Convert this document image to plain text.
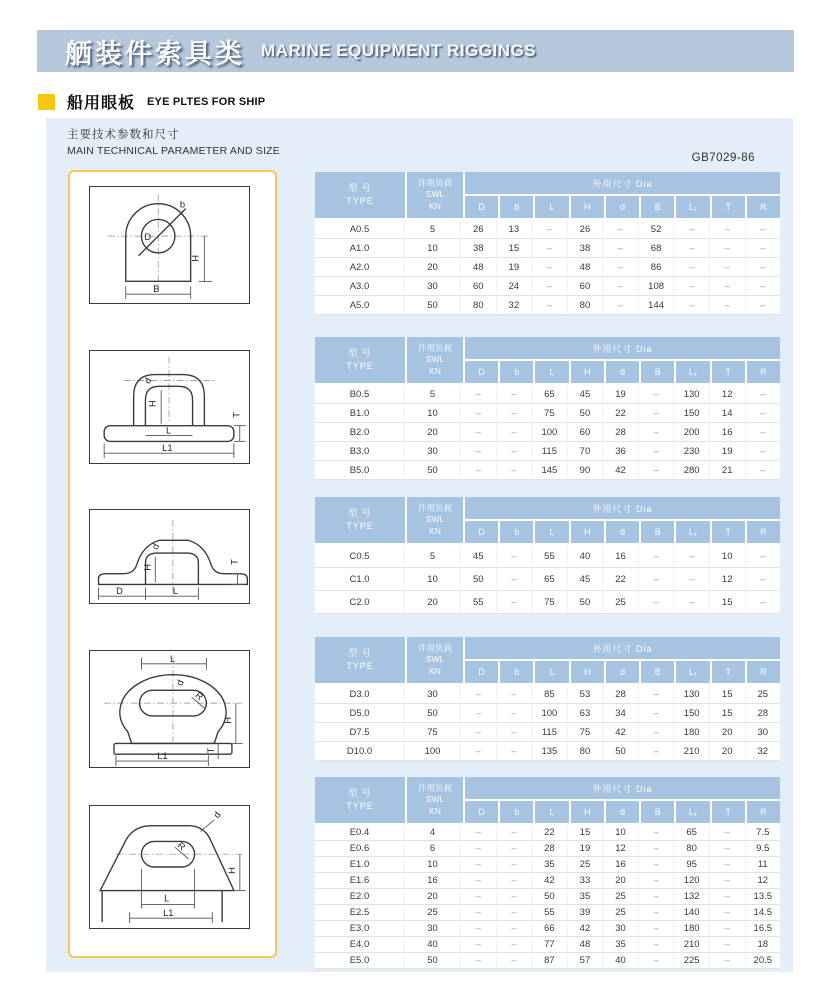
舾装件索具类 MARINE EQUIPMENT RIGGINGS
船用眼板 EYE PLTES FOR SHIP
主要技术参数和尺寸
MAIN TECHNICAL PARAMETER AND SIZE
GB7029-86
D
b
H
B
d
H
L
L1
T
d
H
D	L
T
L
d
R
H
L1
T
d
R
H
L
L1
型 号
TYPE
许用负荷
SWL
KN
外用尺寸 Dia
D	b	L	H	d	B	L₁	T	R
A0.5	5	26	13	–	26	–	52	–	–	–
A1.0	10	38	15	–	38	–	68	–	–	–
A2.0	20	48	19	–	48	–	86	–	–	–
A3.0	30	60	24	–	60	–	108	–	–	–
A5.0	50	80	32	–	80	–	144	–	–	–
型 号
TYPE
许用负荷
SWL
KN
外用尺寸 Dia
D	b	L	H	d	B	L₁	T	R
B0.5	5	–	–	65	45	19	–	130	12	–
B1.0	10	–	–	75	50	22	–	150	14	–
B2.0	20	–	–	100	60	28	–	200	16	–
B3.0	30	–	–	115	70	36	–	230	19	–
B5.0	50	–	–	145	90	42	–	280	21	–
型 号
TYPE
许用负荷
SWL
KN
外用尺寸 Dia
D	b	L	H	d	B	L₁	T	R
C0.5	5	45	–	55	40	16	–	–	10	–
C1.0	10	50	–	65	45	22	–	–	12	–
C2.0	20	55	–	75	50	25	–	–	15	–
型 号
TYPE
许用负荷
SWL
KN
外用尺寸 Dia
D	b	L	H	d	B	L₁	T	R
D3.0	30	–	–	85	53	28	–	130	15	25
D5.0	50	–	–	100	63	34	–	150	15	28
D7.5	75	–	–	115	75	42	–	180	20	30
D10.0	100	–	–	135	80	50	–	210	20	32
型 号
TYPE
许用负荷
SWL
KN
外用尺寸 Dia
D	b	L	H	d	B	L₁	T	R
E0.4	4	–	–	22	15	10	–	65	–	7.5
E0.6	6	–	–	28	19	12	–	80	–	9.5
E1.0	10	–	–	35	25	16	–	95	–	11
E1.6	16	–	–	42	33	20	–	120	–	12
E2.0	20	–	–	50	35	25	–	132	–	13.5
E2.5	25	–	–	55	39	25	–	140	–	14.5
E3.0	30	–	–	66	42	30	–	180	–	16.5
E4.0	40	–	–	77	48	35	–	210	–	18
E5.0	50	–	–	87	57	40	–	225	–	20.5
